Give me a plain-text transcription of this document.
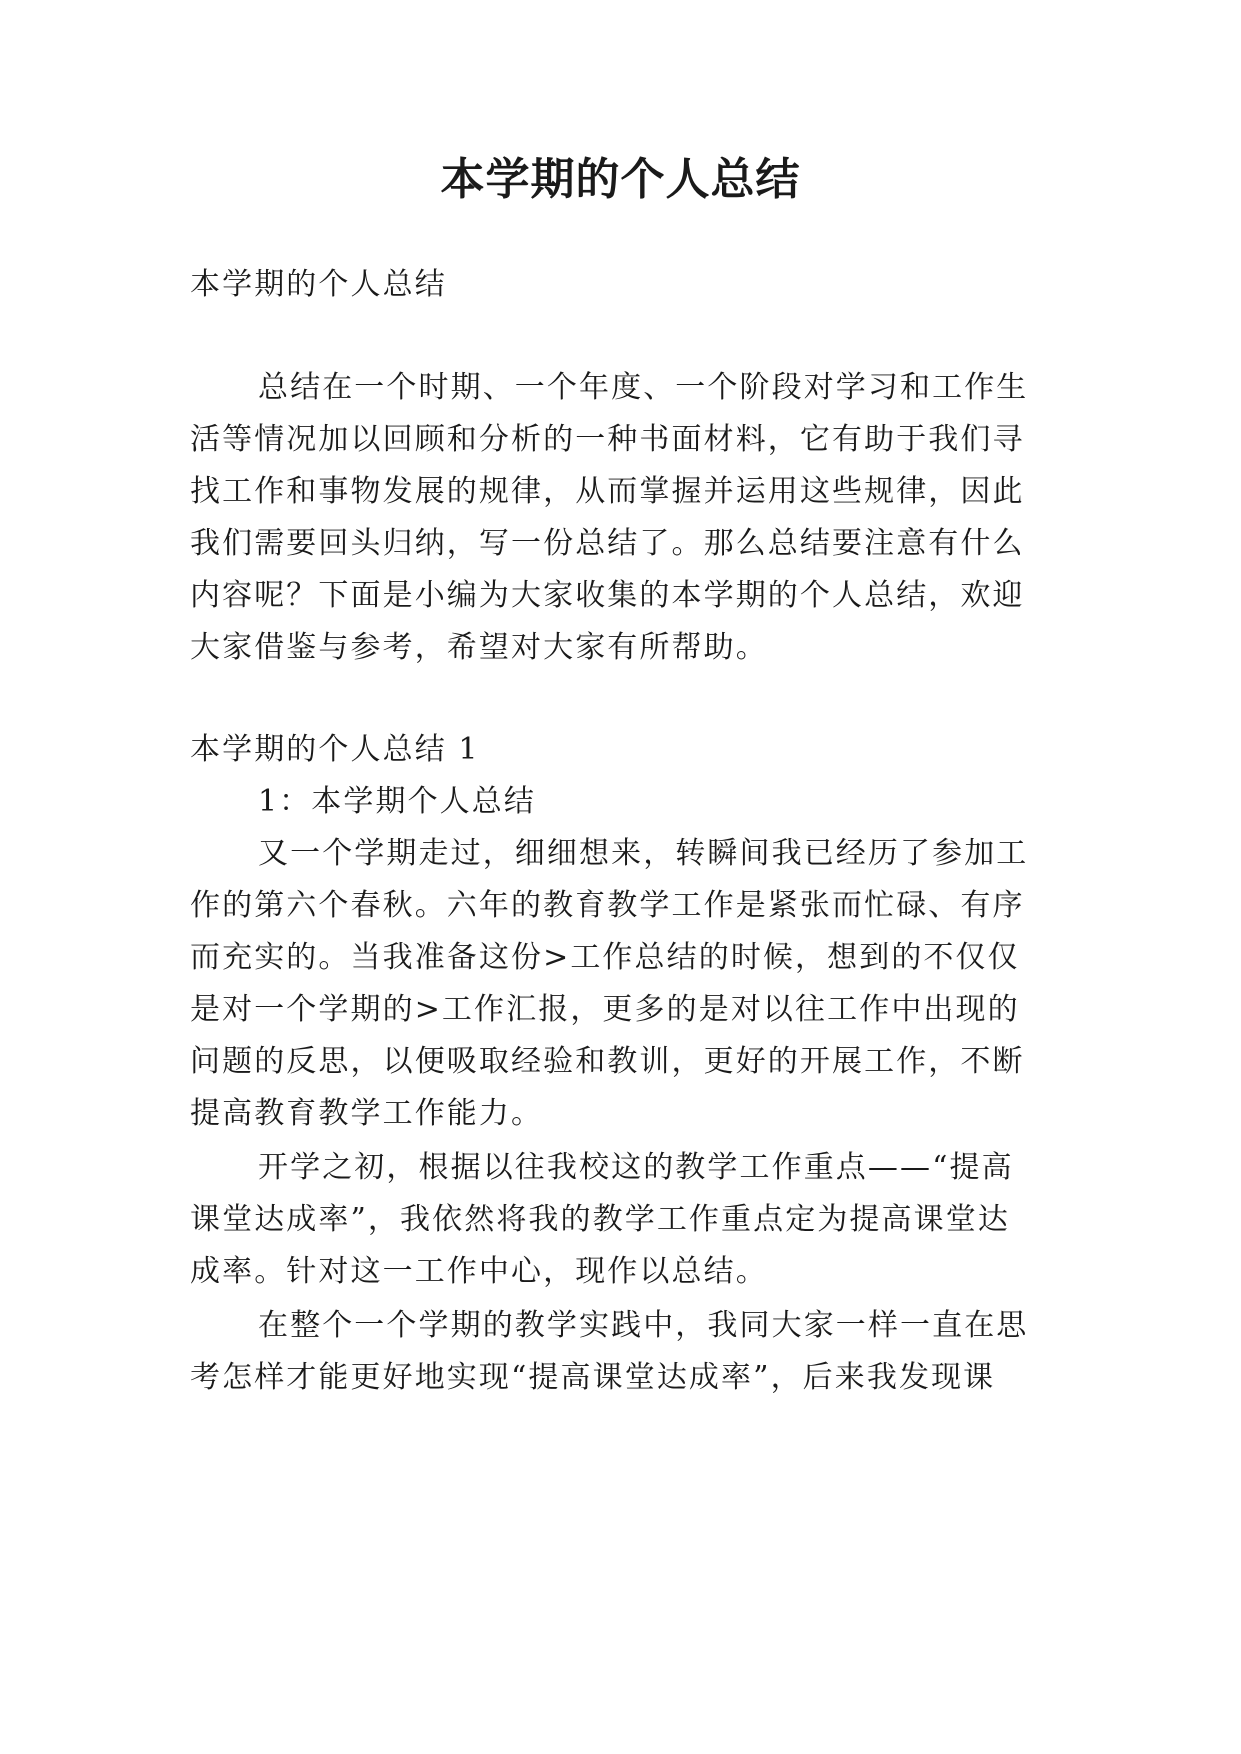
本学期的个人总结
本学期的个人总结
总结在一个时期、一个年度、一个阶段对学习和工作生
活等情况加以回顾和分析的一种书面材料，它有助于我们寻
找工作和事物发展的规律，从而掌握并运用这些规律，因此
我们需要回头归纳，写一份总结了。那么总结要注意有什么
内容呢？下面是小编为大家收集的本学期的个人总结，欢迎
大家借鉴与参考，希望对大家有所帮助。
本学期的个人总结 1
1：本学期个人总结
又一个学期走过，细细想来，转瞬间我已经历了参加工
作的第六个春秋。六年的教育教学工作是紧张而忙碌、有序
而充实的。当我准备这份>工作总结的时候，想到的不仅仅
是对一个学期的>工作汇报，更多的是对以往工作中出现的
问题的反思，以便吸取经验和教训，更好的开展工作，不断
提高教育教学工作能力。
开学之初，根据以往我校这的教学工作重点——“提高
课堂达成率”，我依然将我的教学工作重点定为提高课堂达
成率。针对这一工作中心，现作以总结。
在整个一个学期的教学实践中，我同大家一样一直在思
考怎样才能更好地实现“提高课堂达成率”，后来我发现课
